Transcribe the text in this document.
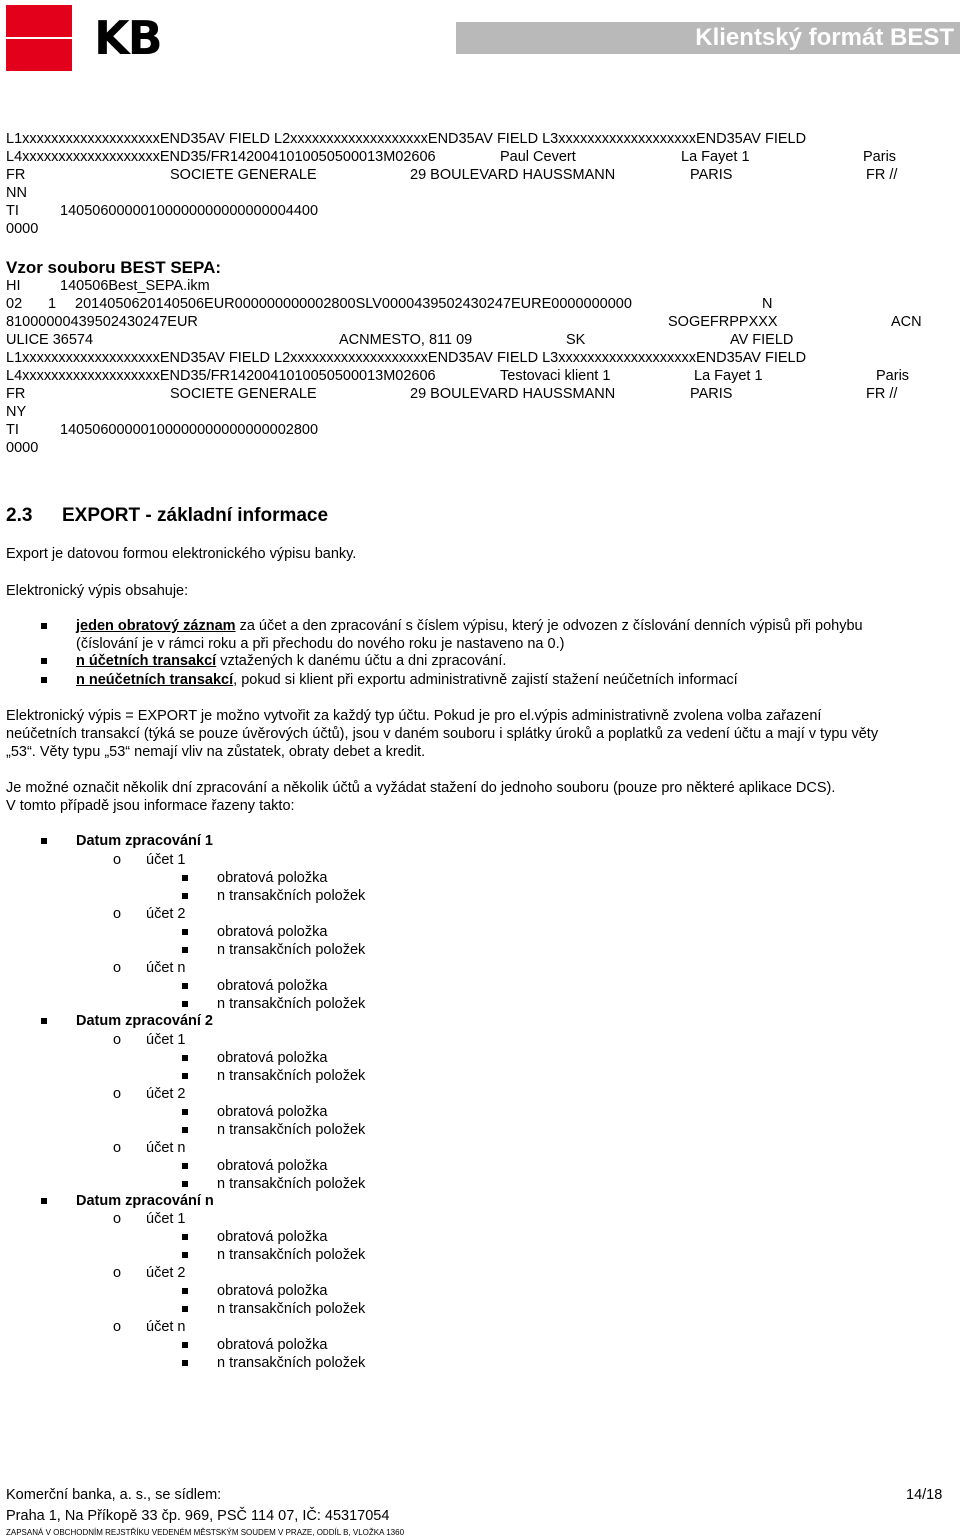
KB	Klientský formát BEST
L1xxxxxxxxxxxxxxxxxxxEND35AV FIELD L2xxxxxxxxxxxxxxxxxxxEND35AV FIELD L3xxxxxxxxxxxxxxxxxxxEND35AV FIELD
L4xxxxxxxxxxxxxxxxxxxEND35/FR1420041010050500013M02606	Paul Cevert	La Fayet 1	Paris
FR	SOCIETE GENERALE	29 BOULEVARD HAUSSMANN	PARIS	FR //
NN
TI	14050600000100000000000000004400
0000
Vzor souboru BEST SEPA:
HI	140506Best_SEPA.ikm
02 1 20140506201405​06EUR000000000002800SLV0000439502430247EURE0000000000	N
810000004395​02430247EUR	SOGEFRPPXXX	ACN
ULICE 36574	ACNMESTO, 811 09	SK	AV FIELD
L1xxxxxxxxxxxxxxxxxxxEND35AV FIELD L2xxxxxxxxxxxxxxxxxxxEND35AV FIELD L3xxxxxxxxxxxxxxxxxxxEND35AV FIELD
L4xxxxxxxxxxxxxxxxxxxEND35/FR1420041010050500013M02606	Testovaci klient 1	La Fayet 1	Paris
FR	SOCIETE GENERALE	29 BOULEVARD HAUSSMANN	PARIS	FR //
NY
TI	14050600000100000000000000002800
0000
2.3 EXPORT - základní informace
Export je datovou formou elektronického výpisu banky.
Elektronický výpis obsahuje:
jeden obratový záznam za účet a den zpracování s číslem výpisu, který je odvozen z číslování denních výpisů při pohybu
(číslování je v rámci roku a při přechodu do nového roku je nastaveno na 0.)
n účetních transakcí vztažených k danému účtu a dni zpracování.
n neúčetních transakcí, pokud si klient při exportu administrativně zajistí stažení neúčetních informací
Elektronický výpis = EXPORT je možno vytvořit za každý typ účtu. Pokud je pro el.výpis administrativně zvolena volba zařazení
neúčetních transakcí (týká se pouze úvěrových účtů), jsou v daném souboru i splátky úroků a poplatků za vedení účtu a mají v typu věty
„53“. Věty typu „53“ nemají vliv na zůstatek, obraty debet a kredit.
Je možné označit několik dní zpracování a několik účtů a vyžádat stažení do jednoho souboru (pouze pro některé aplikace DCS).
V tomto případě jsou informace řazeny takto:
Datum zpracování 1
o účet 1
obratová položka
n transakčních položek
o účet 2
obratová položka
n transakčních položek
o účet n
obratová položka
n transakčních položek
Datum zpracování 2
o účet 1
obratová položka
n transakčních položek
o účet 2
obratová položka
n transakčních položek
o účet n
obratová položka
n transakčních položek
Datum zpracování n
o účet 1
obratová položka
n transakčních položek
o účet 2
obratová položka
n transakčních položek
o účet n
obratová položka
n transakčních položek
Komerční banka, a. s., se sídlem:	14/18
Praha 1, Na Příkopě 33 čp. 969, PSČ 114 07, IČ: 45317054
ZAPSANÁ V OBCHODNÍM REJSTŘÍKU VEDENÉM MĚSTSKÝM SOUDEM V PRAZE, ODDÍL B, VLOŽKA 1360
